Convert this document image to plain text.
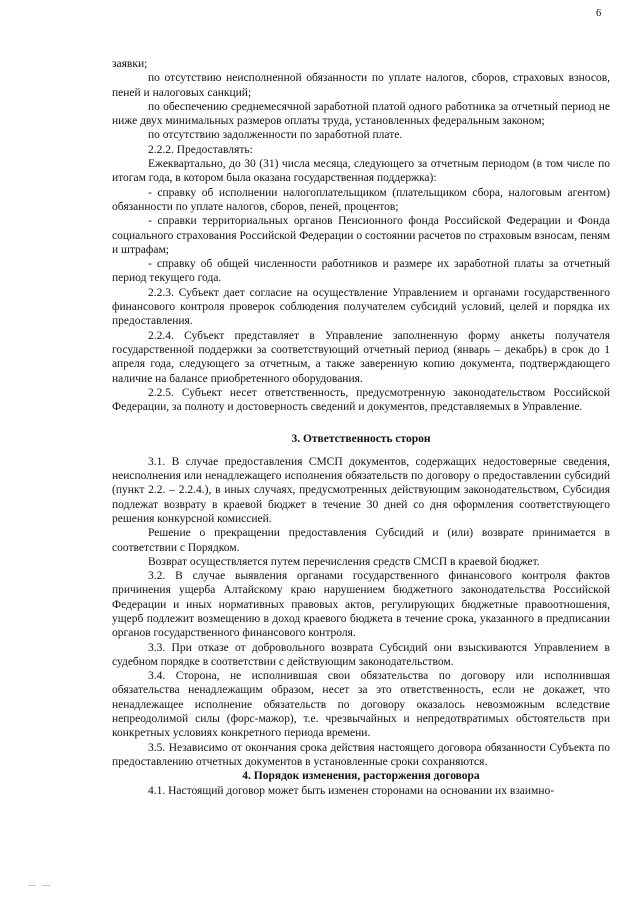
6

заявки;

по отсутствию неисполненной обязанности по уплате налогов, сборов, страховых взносов, пеней и налоговых санкций;

по обеспечению среднемесячной заработной платой одного работника за отчетный период не ниже двух минимальных размеров оплаты труда, установленных федеральным законом;

по отсутствию задолженности по заработной плате.

2.2.2. Предоставлять:

Ежеквартально, до 30 (31) числа месяца, следующего за отчетным периодом (в том числе по итогам года, в котором была оказана государственная поддержка):

- справку об исполнении налогоплательщиком (плательщиком сбора, налоговым агентом) обязанности по уплате налогов, сборов, пеней, процентов;

- справки территориальных органов Пенсионного фонда Российской Федерации и Фонда социального страхования Российской Федерации о состоянии расчетов по страховым взносам, пеням и штрафам;

- справку об общей численности работников и размере их заработной платы за отчетный период текущего года.

2.2.3. Субъект дает согласие на осуществление Управлением и органами государственного финансового контроля проверок соблюдения получателем субсидий условий, целей и порядка их предоставления.

2.2.4. Субъект представляет в Управление заполненную форму анкеты получателя государственной поддержки за соответствующий отчетный период (январь – декабрь) в срок до 1 апреля года, следующего за отчетным, а также заверенную копию документа, подтверждающего наличие на балансе приобретенного оборудования.

2.2.5. Субъект несет ответственность, предусмотренную законодательством Российской Федерации, за полноту и достоверность сведений и документов, представляемых в Управление.

3. Ответственность сторон

3.1. В случае предоставления СМСП документов, содержащих недостоверные сведения, неисполнения или ненадлежащего исполнения обязательств по договору о предоставлении субсидий (пункт 2.2. – 2.2.4.), в иных случаях, предусмотренных действующим законодательством, Субсидия подлежат возврату в краевой бюджет в течение 30 дней со дня оформления соответствующего решения конкурсной комиссией.

Решение о прекращении предоставления Субсидий и (или) возврате принимается в соответствии с Порядком.

Возврат осуществляется путем перечисления средств СМСП в краевой бюджет.

3.2. В случае выявления органами государственного финансового контроля фактов причинения ущерба Алтайскому краю нарушением бюджетного законодательства Российской Федерации и иных нормативных правовых актов, регулирующих бюджетные правоотношения, ущерб подлежит возмещению в доход краевого бюджета в течение срока, указанного в предписании органов государственного финансового контроля.

3.3. При отказе от добровольного возврата Субсидий они взыскиваются Управлением в судебном порядке в соответствии с действующим законодательством.

3.4. Сторона, не исполнившая свои обязательства по договору или исполнившая обязательства ненадлежащим образом, несет за это ответственность, если не докажет, что ненадлежащее исполнение обязательств по договору оказалось невозможным вследствие непреодолимой силы (форс-мажор), т.е. чрезвычайных и непредотвратимых обстоятельств при конкретных условиях конкретного периода времени.

3.5. Независимо от окончания срока действия настоящего договора обязанности Субъекта по предоставлению отчетных документов в установленные сроки сохраняются.

4. Порядок изменения, расторжения договора

4.1. Настоящий договор может быть изменен сторонами на основании их взаимно-

— —
